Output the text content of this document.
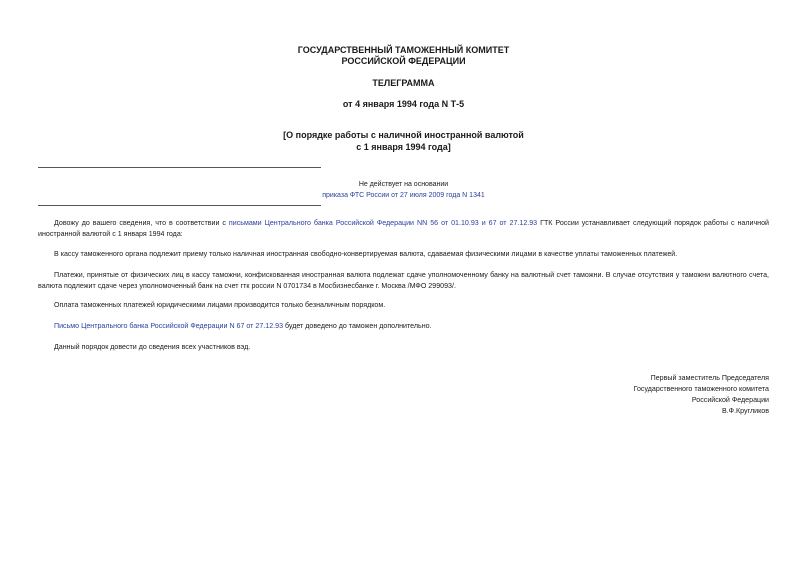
ГОСУДАРСТВЕННЫЙ ТАМОЖЕННЫЙ КОМИТЕТ
РОССИЙСКОЙ ФЕДЕРАЦИИ
ТЕЛЕГРАММА
от 4 января 1994 года N Т-5
[О порядке работы с наличной иностранной валютой
с 1 января 1994 года]
Не действует на основании
приказа ФТС России от 27 июля 2009 года N 1341
Довожу до вашего сведения, что в соответствии с письмами Центрального банка Российской Федерации NN 56 от 01.10.93 и 67 от 27.12.93 ГТК России устанавливает следующий порядок работы с наличной иностранной валютой с 1 января 1994 года:
В кассу таможенного органа подлежит приему только наличная иностранная свободно-конвертируемая валюта, сдаваемая физическими лицами в качестве уплаты таможенных платежей.
Платежи, принятые от физических лиц в кассу таможни, конфискованная иностранная валюта подлежат сдаче уполномоченному банку на валютный счет таможни. В случае отсутствия у таможни валютного счета, валюта подлежит сдаче через уполномоченный банк на счет гтк россии N 0701734 в Мосбизнесбанке г. Москва /МФО 299093/.
Оплата таможенных платежей юридическими лицами производится только безналичным порядком.
Письмо Центрального банка Российской Федерации N 67 от 27.12.93 будет доведено до таможен дополнительно.
Данный порядок довести до сведения всех участников вэд.
Первый заместитель Председателя
Государственного таможенного комитета
Российской Федерации
В.Ф.Кругликов
